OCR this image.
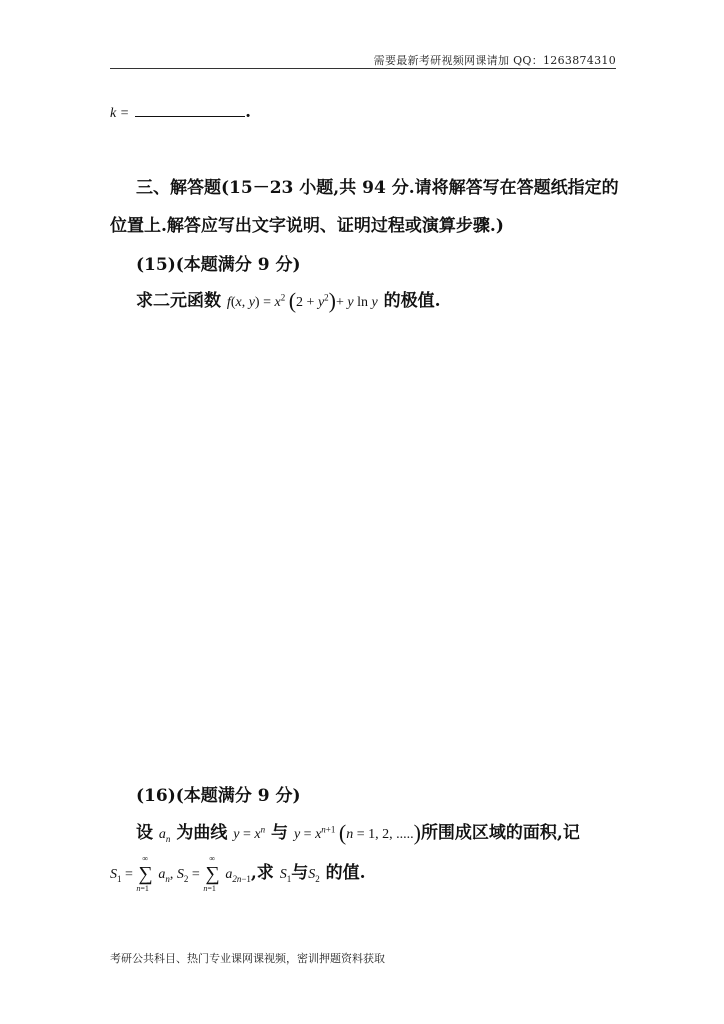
需要最新考研视频网课请加 QQ：1263874310
k =	.
三、解答题(15－23 小题,共 94 分.请将解答写在答题纸指定的
位置上.解答应写出文字说明、证明过程或演算步骤.)
(15)(本题满分 9 分)
求二元函数 f(x, $y) = x^2$ $(2 + y^2)+ y$ ln y 的极值.
(16)(本题满分 9 分)
设 $a_n$ 为曲线 $y = x^n$ 与 $y = x^{n+1}$ (n = 1, 2, .....)所围成区域的面积,记
$S_1$ =
∞
∑
n=1
$a_n$, $S_2$ =
∞
∑
n=1
$a_{2n-1}$,求 $S_1$与$S_2$ 的值.
考研公共科目、热门专业课网课视频，密训押题资料获取
